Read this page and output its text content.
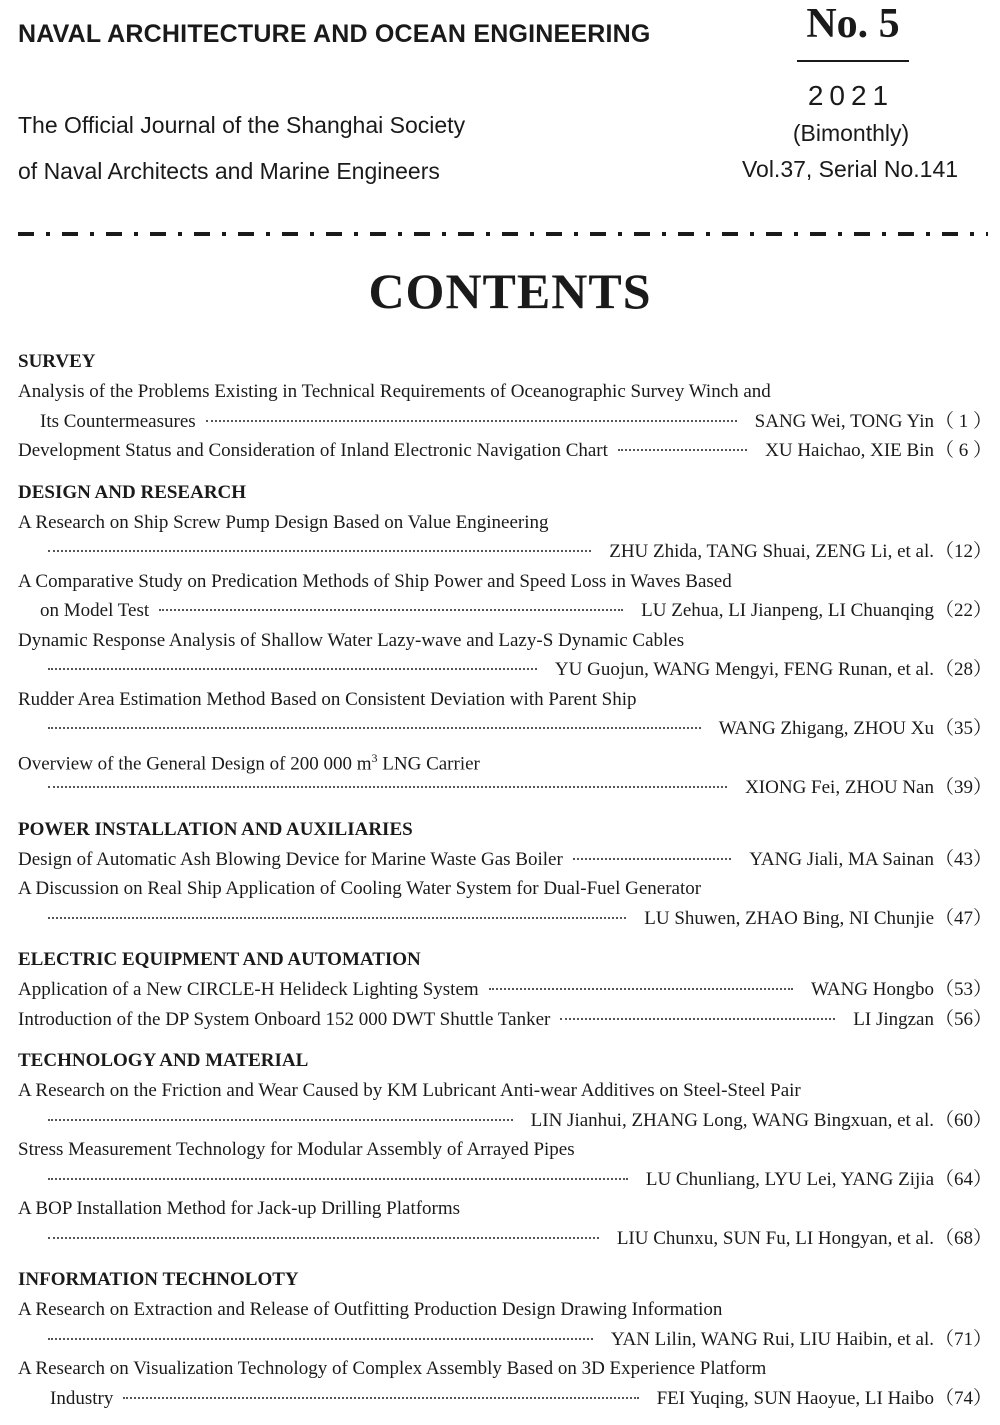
NAVAL ARCHITECTURE AND OCEAN ENGINEERING
The Official Journal of the Shanghai Society
of Naval Architects and Marine Engineers
No. 5
2021
(Bimonthly)
Vol.37, Serial No.141
CONTENTS
SURVEY
Analysis of the Problems Existing in Technical Requirements of Oceanographic Survey Winch and
Its Countermeasures	SANG Wei, TONG Yin （ 1 ）
Development Status and Consideration of Inland Electronic Navigation Chart	XU Haichao, XIE Bin （ 6 ）
DESIGN AND RESEARCH
A Research on Ship Screw Pump Design Based on Value Engineering
ZHU Zhida, TANG Shuai, ZENG Li, et al. （12）
A Comparative Study on Predication Methods of Ship Power and Speed Loss in Waves Based
on Model Test	LU Zehua, LI Jianpeng, LI Chuanqing （22）
Dynamic Response Analysis of Shallow Water Lazy-wave and Lazy-S Dynamic Cables
YU Guojun, WANG Mengyi, FENG Runan, et al. （28）
Rudder Area Estimation Method Based on Consistent Deviation with Parent Ship
WANG Zhigang, ZHOU Xu （35）
Overview of the General Design of 200 000 $m^3$ LNG Carrier
XIONG Fei, ZHOU Nan （39）
POWER INSTALLATION AND AUXILIARIES
Design of Automatic Ash Blowing Device for Marine Waste Gas Boiler	YANG Jiali, MA Sainan （43）
A Discussion on Real Ship Application of Cooling Water System for Dual-Fuel Generator
LU Shuwen, ZHAO Bing, NI Chunjie （47）
ELECTRIC EQUIPMENT AND AUTOMATION
Application of a New CIRCLE-H Helideck Lighting System	WANG Hongbo （53）
Introduction of the DP System Onboard 152 000 DWT Shuttle Tanker	LI Jingzan （56）
TECHNOLOGY AND MATERIAL
A Research on the Friction and Wear Caused by KM Lubricant Anti-wear Additives on Steel-Steel Pair
LIN Jianhui, ZHANG Long, WANG Bingxuan, et al. （60）
Stress Measurement Technology for Modular Assembly of Arrayed Pipes
LU Chunliang, LYU Lei, YANG Zijia （64）
A BOP Installation Method for Jack-up Drilling Platforms
LIU Chunxu, SUN Fu, LI Hongyan, et al. （68）
INFORMATION TECHNOLOTY
A Research on Extraction and Release of Outfitting Production Design Drawing Information
YAN Lilin, WANG Rui, LIU Haibin, et al. （71）
A Research on Visualization Technology of Complex Assembly Based on 3D Experience Platform
Industry	FEI Yuqing, SUN Haoyue, LI Haibo （74）
